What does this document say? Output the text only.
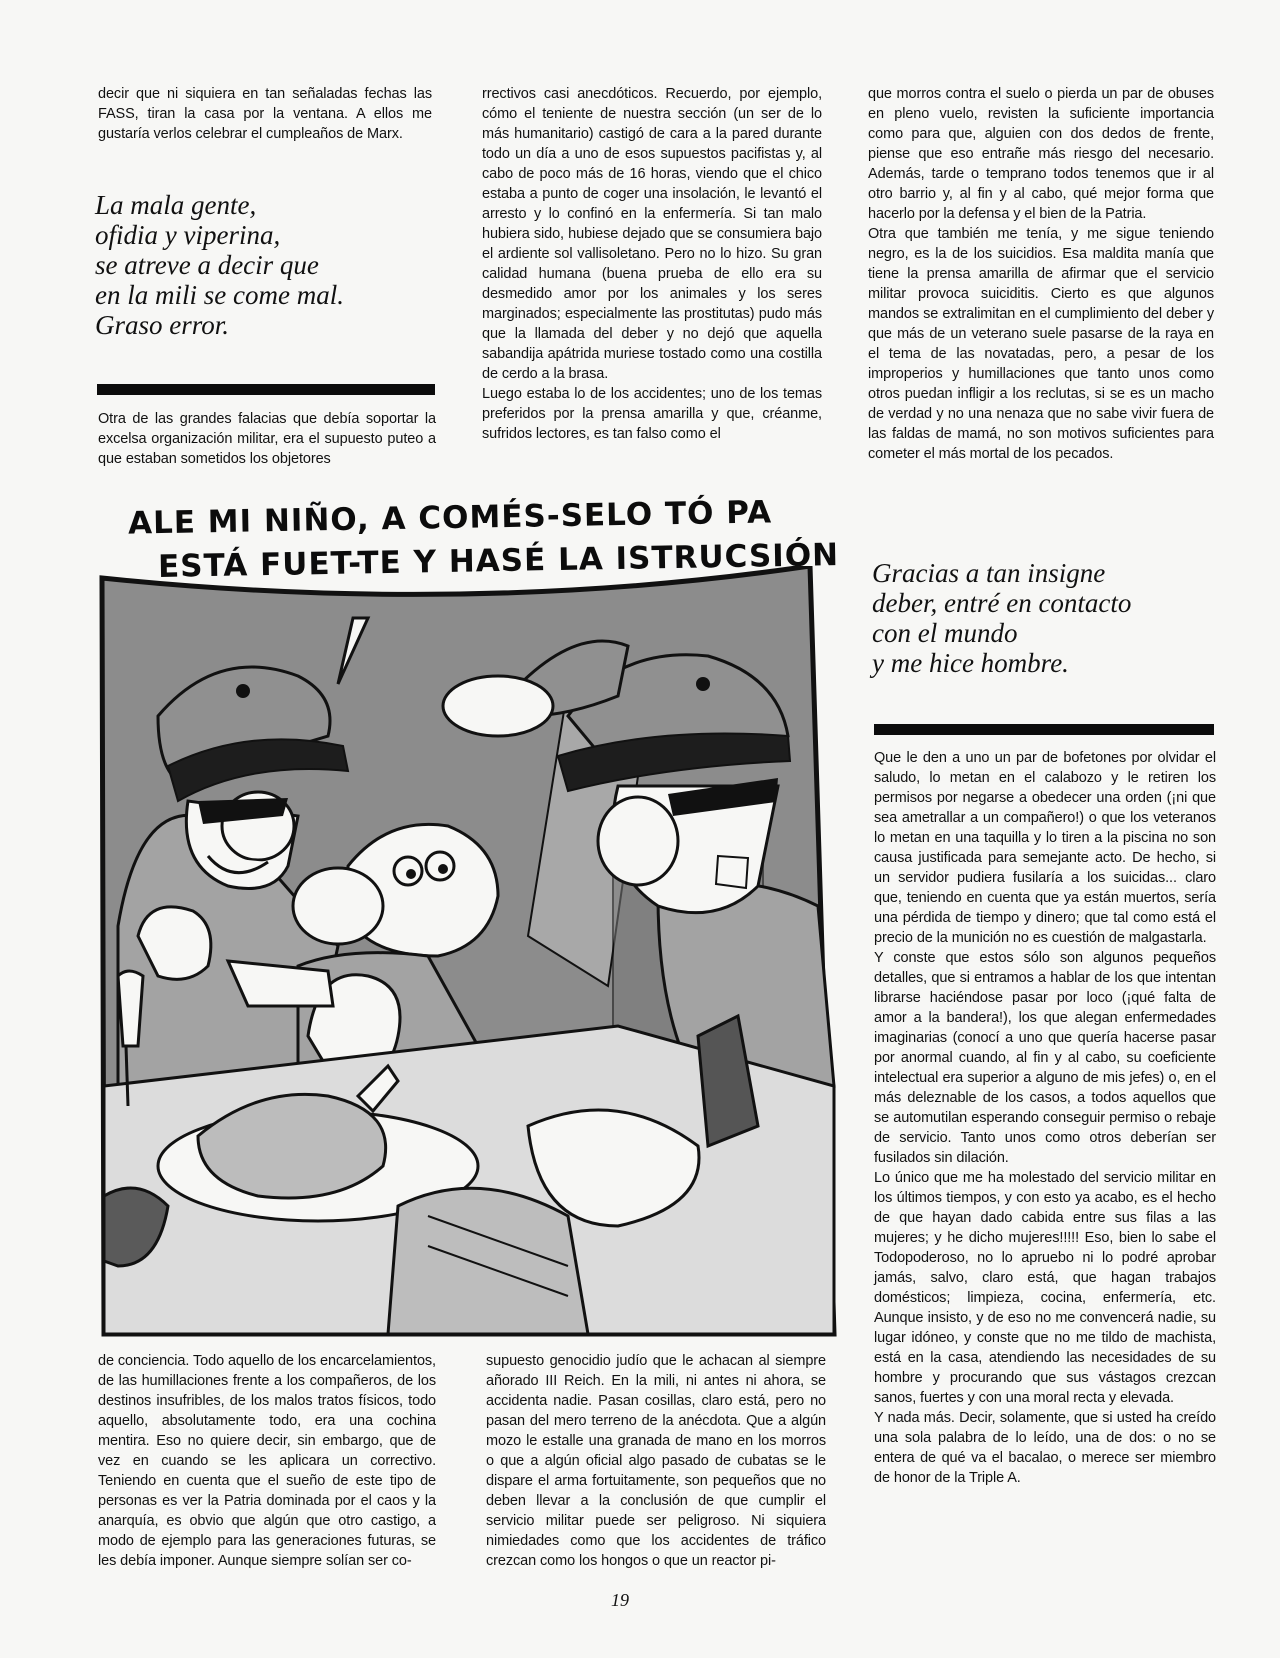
decir que ni siquiera en tan señaladas fechas las FASS, tiran la casa por la ventana. A ellos me gustaría verlos celebrar el cumpleaños de Marx.

La mala gente,
ofidia y viperina,
se atreve a decir que
en la mili se come mal.
Graso error.

Otra de las grandes falacias que debía soportar la excelsa organización militar, era el supuesto puteo a que estaban sometidos los objetores

rrectivos casi anecdóticos. Recuerdo, por ejemplo, cómo el teniente de nuestra sección (un ser de lo más humanitario) castigó de cara a la pared durante todo un día a uno de esos supuestos pacifistas y, al cabo de poco más de 16 horas, viendo que el chico estaba a punto de coger una insolación, le levantó el arresto y lo confinó en la enfermería. Si tan malo hubiera sido, hubiese dejado que se consumiera bajo el ardiente sol vallisoletano. Pero no lo hizo. Su gran calidad humana (buena prueba de ello era su desmedido amor por los animales y los seres marginados; especialmente las prostitutas) pudo más que la llamada del deber y no dejó que aquella sabandija apátrida muriese tostado como una costilla de cerdo a la brasa.

Luego estaba lo de los accidentes; uno de los temas preferidos por la prensa amarilla y que, créanme, sufridos lectores, es tan falso como el

que morros contra el suelo o pierda un par de obuses en pleno vuelo, revisten la suficiente importancia como para que, alguien con dos dedos de frente, piense que eso entrañe más riesgo del necesario. Además, tarde o temprano todos tenemos que ir al otro barrio y, al fin y al cabo, qué mejor forma que hacerlo por la defensa y el bien de la Patria.

Otra que también me tenía, y me sigue teniendo negro, es la de los suicidios. Esa maldita manía que tiene la prensa amarilla de afirmar que el servicio militar provoca suiciditis. Cierto es que algunos mandos se extralimitan en el cumplimiento del deber y que más de un veterano suele pasarse de la raya en el tema de las novatadas, pero, a pesar de los improperios y humillaciones que tanto unos como otros puedan infligir a los reclutas, si se es un macho de verdad y no una nenaza que no sabe vivir fuera de las faldas de mamá, no son motivos suficientes para cometer el más mortal de los pecados.

ALE MI NIÑO, A COMÉS-SELO TÓ PA
ESTÁ FUET-TE Y HASÉ LA ISTRUCSIÓN Gracias a tan insigne
deber, entré en contacto
con el mundo
y me hice hombre.

Que le den a uno un par de bofetones por olvidar el saludo, lo metan en el calabozo y le retiren los permisos por negarse a obedecer una orden (¡ni que sea ametrallar a un compañero!) o que los veteranos lo metan en una taquilla y lo tiren a la piscina no son causa justificada para semejante acto. De hecho, si un servidor pudiera fusilaría a los suicidas... claro que, teniendo en cuenta que ya están muertos, sería una pérdida de tiempo y dinero; que tal como está el precio de la munición no es cuestión de malgastarla.

Y conste que estos sólo son algunos pequeños detalles, que si entramos a hablar de los que intentan librarse haciéndose pasar por loco (¡qué falta de amor a la bandera!), los que alegan enfermedades imaginarias (conocí a uno que quería hacerse pasar por anormal cuando, al fin y al cabo, su coeficiente intelectual era superior a alguno de mis jefes) o, en el más deleznable de los casos, a todos aquellos que se automutilan esperando conseguir permiso o rebaje de servicio. Tanto unos como otros deberían ser fusilados sin dilación.

Lo único que me ha molestado del servicio militar en los últimos tiempos, y con esto ya acabo, es el hecho de que hayan dado cabida entre sus filas a las mujeres; y he dicho mujeres!!!!! Eso, bien lo sabe el Todopoderoso, no lo apruebo ni lo podré aprobar jamás, salvo, claro está, que hagan trabajos domésticos; limpieza, cocina, enfermería, etc. Aunque insisto, y de eso no me convencerá nadie, su lugar idóneo, y conste que no me tildo de machista, está en la casa, atendiendo las necesidades de su hombre y procurando que sus vástagos crezcan sanos, fuertes y con una moral recta y elevada.

Y nada más. Decir, solamente, que si usted ha creído una sola palabra de lo leído, una de dos: o no se entera de qué va el bacalao, o merece ser miembro de honor de la Triple A.

de conciencia. Todo aquello de los encarcelamientos, de las humillaciones frente a los compañeros, de los destinos insufribles, de los malos tratos físicos, todo aquello, absolutamente todo, era una cochina mentira. Eso no quiere decir, sin embargo, que de vez en cuando se les aplicara un correctivo. Teniendo en cuenta que el sueño de este tipo de personas es ver la Patria dominada por el caos y la anarquía, es obvio que algún que otro castigo, a modo de ejemplo para las generaciones futuras, se les debía imponer. Aunque siempre solían ser co-

supuesto genocidio judío que le achacan al siempre añorado III Reich. En la mili, ni antes ni ahora, se accidenta nadie. Pasan cosillas, claro está, pero no pasan del mero terreno de la anécdota. Que a algún mozo le estalle una granada de mano en los morros o que a algún oficial algo pasado de cubatas se le dispare el arma fortuitamente, son pequeños que no deben llevar a la conclusión de que cumplir el servicio militar puede ser peligroso. Ni siquiera nimiedades como que los accidentes de tráfico crezcan como los hongos o que un reactor pi-

19
